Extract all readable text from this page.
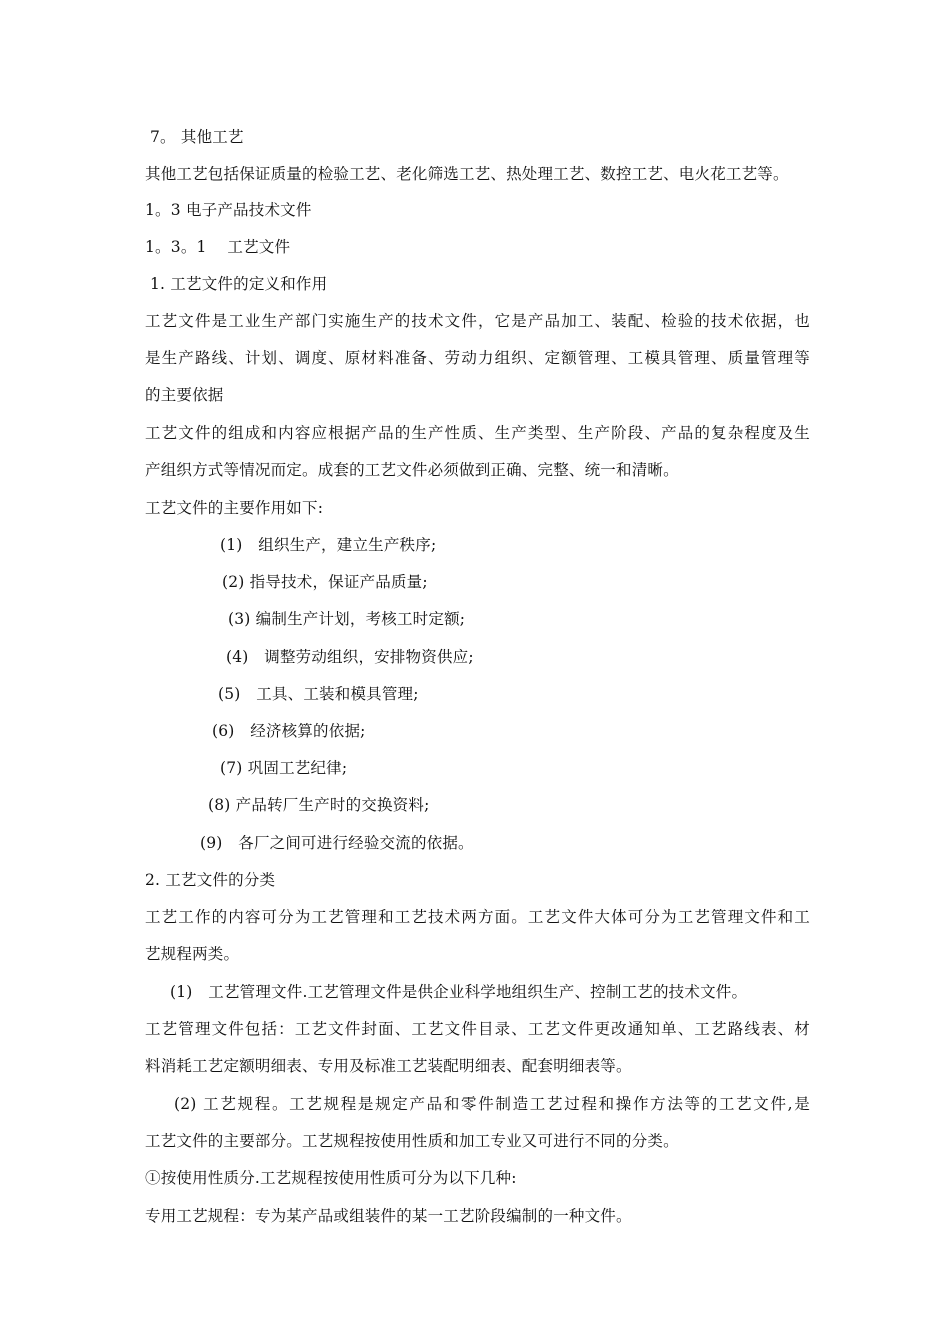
7。 其他工艺
其他工艺包括保证质量的检验工艺、老化筛选工艺、热处理工艺、数控工艺、电火花工艺等。
1。3 电子产品技术文件
1。3。1　 工艺文件
1. 工艺文件的定义和作用
工艺文件是工业生产部门实施生产的技术文件，它是产品加工、装配、检验的技术依据，也
是生产路线、计划、调度、原材料准备、劳动力组织、定额管理、工模具管理、质量管理等
的主要依据
工艺文件的组成和内容应根据产品的生产性质、生产类型、生产阶段、产品的复杂程度及生
产组织方式等情况而定。成套的工艺文件必须做到正确、完整、统一和清晰。
工艺文件的主要作用如下:
(1)　组织生产，建立生产秩序;
(2) 指导技术，保证产品质量;
(3) 编制生产计划，考核工时定额;
(4)　调整劳动组织，安排物资供应;
(5)　工具、工装和模具管理;
(6)　经济核算的依据;
(7) 巩固工艺纪律;
(8) 产品转厂生产时的交换资料;
(9)　各厂之间可进行经验交流的依据。
2. 工艺文件的分类
工艺工作的内容可分为工艺管理和工艺技术两方面。工艺文件大体可分为工艺管理文件和工
艺规程两类。
(1)　工艺管理文件.工艺管理文件是供企业科学地组织生产、控制工艺的技术文件。
工艺管理文件包括：工艺文件封面、工艺文件目录、工艺文件更改通知单、工艺路线表、材
料消耗工艺定额明细表、专用及标准工艺装配明细表、配套明细表等。
(2) 工艺规程。工艺规程是规定产品和零件制造工艺过程和操作方法等的工艺文件,是
工艺文件的主要部分。工艺规程按使用性质和加工专业又可进行不同的分类。
①按使用性质分.工艺规程按使用性质可分为以下几种:
专用工艺规程：专为某产品或组装件的某一工艺阶段编制的一种文件。
